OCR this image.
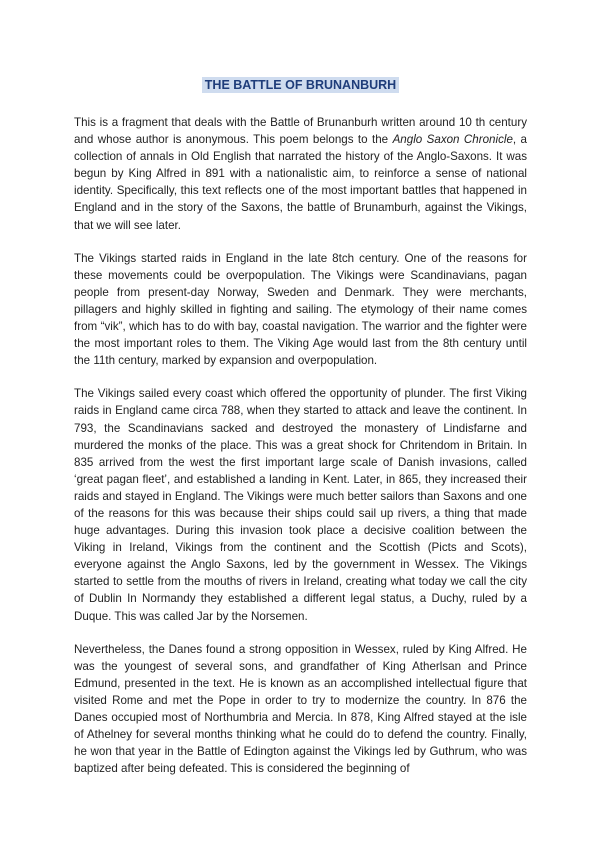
THE BATTLE OF BRUNANBURH

This is a fragment that deals with the Battle of Brunanburh written around 10 th century and whose author is anonymous. This poem belongs to the Anglo Saxon Chronicle, a collection of annals in Old English that narrated the history of the Anglo-Saxons. It was begun by King Alfred in 891 with a nationalistic aim, to reinforce a sense of national identity. Specifically, this text reflects one of the most important battles that happened in England and in the story of the Saxons, the battle of Brunamburh, against the Vikings, that we will see later.

The Vikings started raids in England in the late 8tch century. One of the reasons for these movements could be overpopulation. The Vikings were Scandinavians, pagan people from present-day Norway, Sweden and Denmark. They were merchants, pillagers and highly skilled in fighting and sailing. The etymology of their name comes from “vik”, which has to do with bay, coastal navigation. The warrior and the fighter were the most important roles to them. The Viking Age would last from the 8th century until the 11th century, marked by expansion and overpopulation.

The Vikings sailed every coast which offered the opportunity of plunder. The first Viking raids in England came circa 788, when they started to attack and leave the continent. In 793, the Scandinavians sacked and destroyed the monastery of Lindisfarne and murdered the monks of the place. This was a great shock for Chritendom in Britain. In 835 arrived from the west the first important large scale of Danish invasions, called ‘great pagan fleet’, and established a landing in Kent. Later, in 865, they increased their raids and stayed in England. The Vikings were much better sailors than Saxons and one of the reasons for this was because their ships could sail up rivers, a thing that made huge advantages. During this invasion took place a decisive coalition between the Viking in Ireland, Vikings from the continent and the Scottish (Picts and Scots), everyone against the Anglo Saxons, led by the government in Wessex. The Vikings started to settle from the mouths of rivers in Ireland, creating what today we call the city of Dublin In Normandy they established a different legal status, a Duchy, ruled by a Duque. This was called Jar by the Norsemen.

Nevertheless, the Danes found a strong opposition in Wessex, ruled by King Alfred. He was the youngest of several sons, and grandfather of King Atherlsan and Prince Edmund, presented in the text. He is known as an accomplished intellectual figure that visited Rome and met the Pope in order to try to modernize the country. In 876 the Danes occupied most of Northumbria and Mercia. In 878, King Alfred stayed at the isle of Athelney for several months thinking what he could do to defend the country. Finally, he won that year in the Battle of Edington against the Vikings led by Guthrum, who was baptized after being defeated. This is considered the beginning of
